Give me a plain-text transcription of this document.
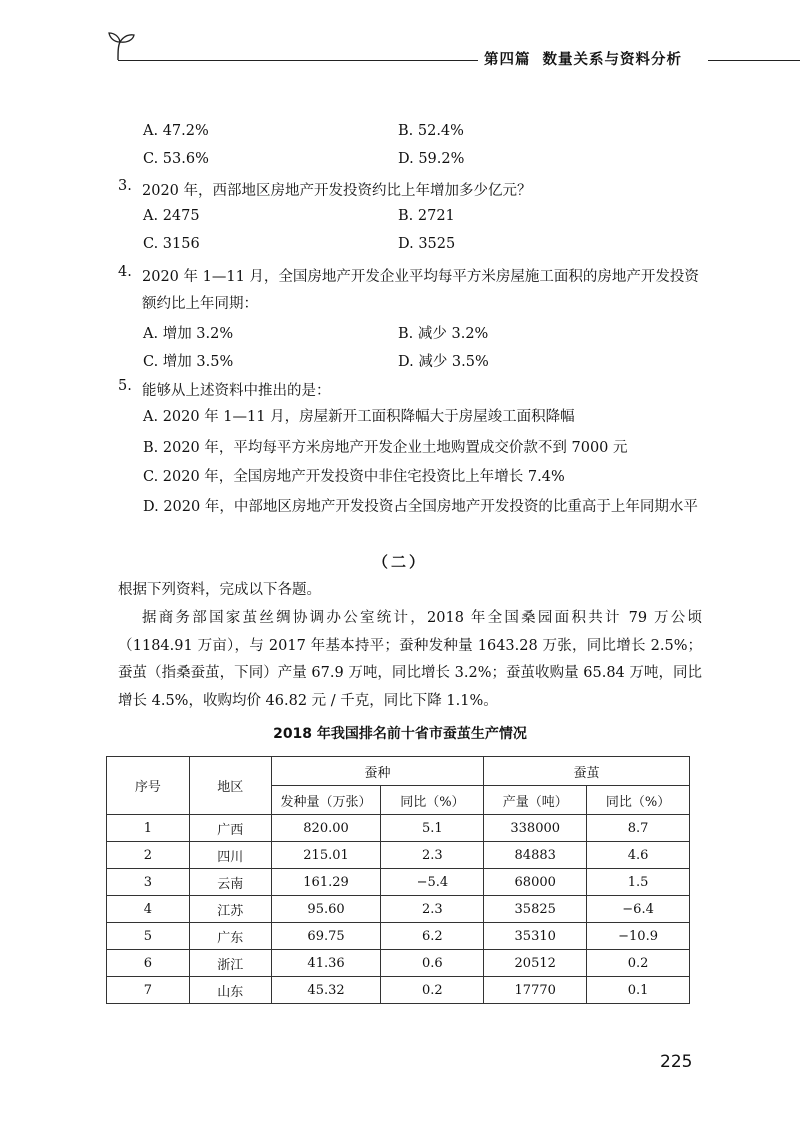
第四篇 数量关系与资料分析
A. 47.2%	B. 52.4%
C. 53.6%	D. 59.2%
3. 2020 年，西部地区房地产开发投资约比上年增加多少亿元？
A. 2475	B. 2721
C. 3156	D. 3525
4. 2020 年 1—11 月，全国房地产开发企业平均每平方米房屋施工面积的房地产开发投资额约比上年同期：
A. 增加 3.2%	B. 减少 3.2%
C. 增加 3.5%	D. 减少 3.5%
5. 能够从上述资料中推出的是：
A. 2020 年 1—11 月，房屋新开工面积降幅大于房屋竣工面积降幅
B. 2020 年，平均每平方米房地产开发企业土地购置成交价款不到 7000 元
C. 2020 年，全国房地产开发投资中非住宅投资比上年增长 7.4%
D. 2020 年，中部地区房地产开发投资占全国房地产开发投资的比重高于上年同期水平
（二）
根据下列资料，完成以下各题。
据商务部国家茧丝绸协调办公室统计，2018 年全国桑园面积共计 79 万公顷（1184.91 万亩），与 2017 年基本持平；蚕种发种量 1643.28 万张，同比增长 2.5%；蚕茧（指桑蚕茧，下同）产量 67.9 万吨，同比增长 3.2%；蚕茧收购量 65.84 万吨，同比增长 4.5%，收购均价 46.82 元 / 千克，同比下降 1.1%。
2018 年我国排名前十省市蚕茧生产情况
序号	地区	蚕种		蚕茧	
		发种量（万张）	同比（%）	产量（吨）	同比（%）
1	广西	820.00	5.1	338000	8.7
2	四川	215.01	2.3	84883	4.6
3	云南	161.29	−5.4	68000	1.5
4	江苏	95.60	2.3	35825	−6.4
5	广东	69.75	6.2	35310	−10.9
6	浙江	41.36	0.6	20512	0.2
7	山东	45.32	0.2	17770	0.1
225
